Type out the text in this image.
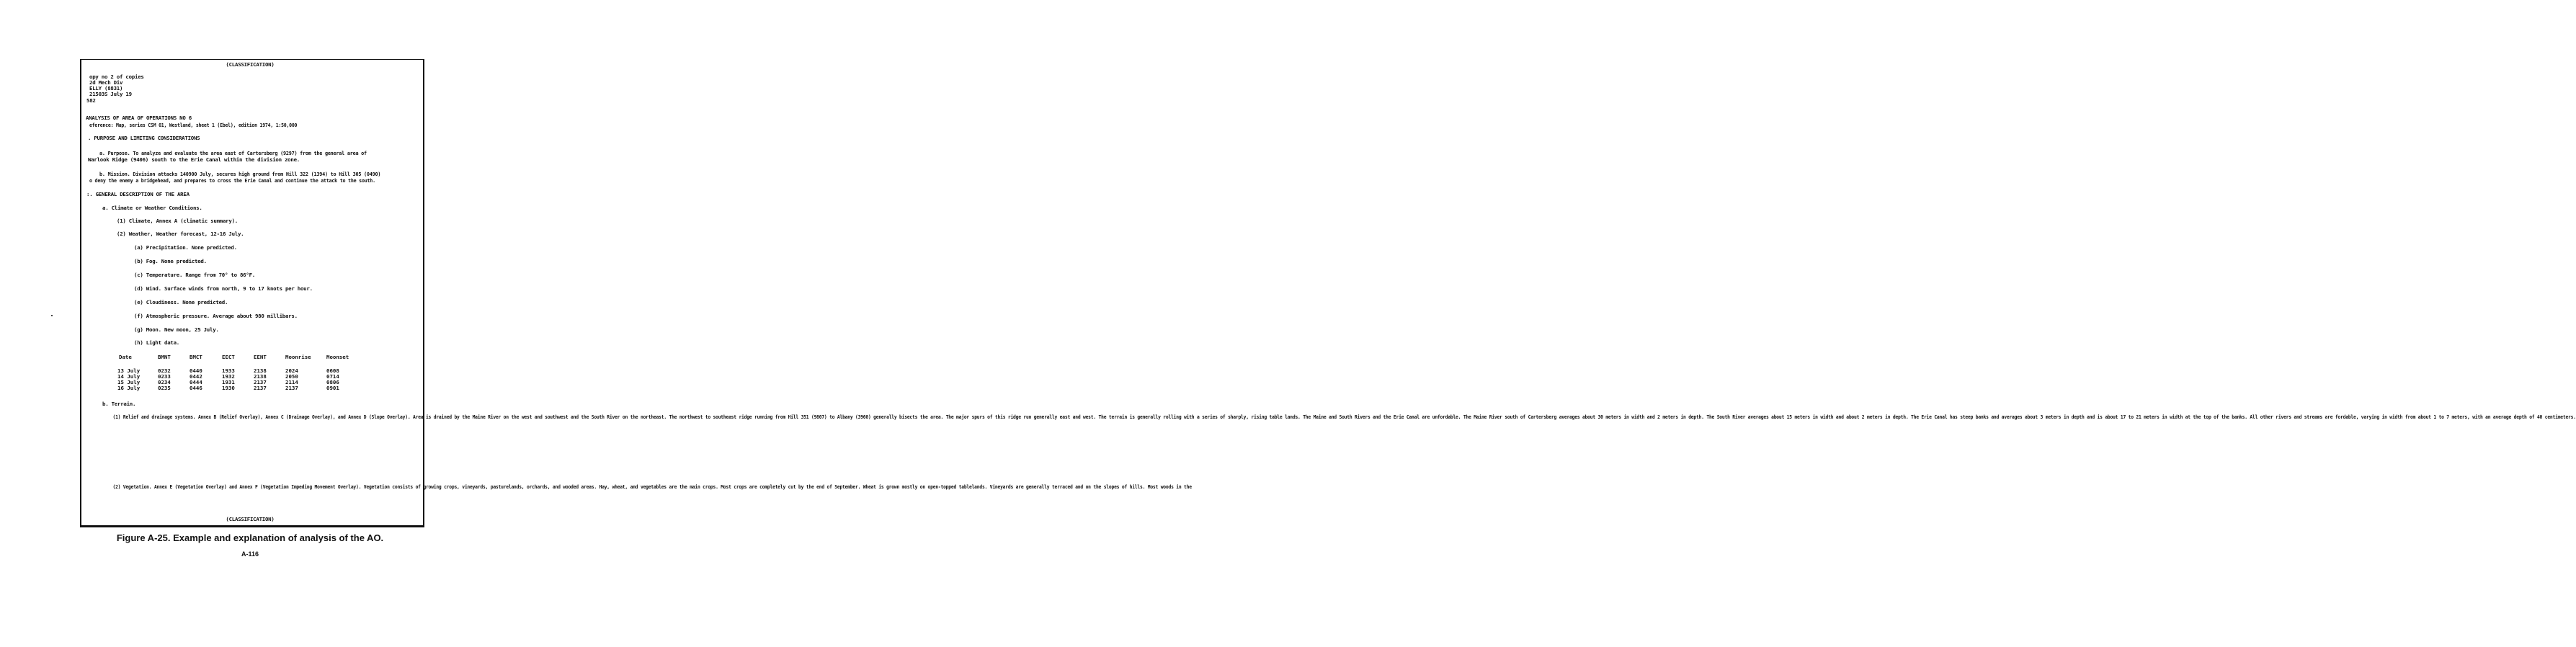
(CLASSIFICATION)
opy no 2 of copies
2d Mech Div
ELLY (8831)
21503S July 19
582
ANALYSIS OF AREA OF OPERATIONS NO 6
eference: Map, series CSM 01, Westland, sheet 1 (Ebel), edition 1974, 1:50,000
. PURPOSE AND LIMITING CONSIDERATIONS
a. Purpose. To analyze and evaluate the area east of Cartersberg (9297) from the general area of
Warlook Ridge (9406) south to the Erie Canal within the division zone.
b. Mission. Division attacks 140900 July, secures high ground from Hill 322 (1394) to Hill 305 (0490)
o deny the enemy a bridgehead, and prepares to cross the Erie Canal and continue the attack to the south.
:. GENERAL DESCRIPTION OF THE AREA
a. Climate or Weather Conditions.
(1) Climate, Annex A (climatic summary).
(2) Weather, Weather forecast, 12-16 July.
(a) Precipitation. None predicted.
(b) Fog. None predicted.
(c) Temperature. Range from 70° to 86°F.
(d) Wind. Surface winds from north, 9 to 17 knots per hour.
(e) Cloudiness. None predicted.
(f) Atmospheric pressure. Average about 980 millibars.
(g) Moon. New moon, 25 July.
(h) Light data.
Date	BMNT	BMCT	EECT	EENT	Moonrise	Moonset
13 July	0232	0440	1933	2138	2024	0608
14 July	0233	0442	1932	2138	2050	0714
15 July	0234	0444	1931	2137	2114	0806
16 July	0235	0446	1930	2137	2137	0901
b. Terrain.
(1) Relief and drainage systems. Annex B (Relief Overlay), Annex C (Drainage Overlay), and Annex D (Slope Overlay). Area is drained by the Maine River on the west and southwest and the South River on the northeast. The northwest to southeast ridge running from Hill 351 (9807) to Albany (3960) generally bisects the area. The major spurs of this ridge run generally east and west. The terrain is generally rolling with a series of sharply, rising table lands. The Maine and South Rivers and the Erie Canal are unfordable. The Maine River south of Cartersberg averages about 30 meters in width and 2 meters in depth. The South River averages about 15 meters in width and about 2 meters in depth. The Erie Canal has steep banks and averages about 3 meters in depth and is about 17 to 21 meters in width at the top of the banks. All other rivers and streams are fordable, varying in width from about 1 to 7 meters, with an average depth of 40 centimeters.
(2) Vegetation. Annex E (Vegetation Overlay) and Annex F (Vegetation Impeding Movement Overlay). Vegetation consists of growing crops, vineyards, pasturelands, orchards, and wooded areas. Hay, wheat, and vegetables are the main crops. Most crops are completely cut by the end of September. Wheat is grown mostly on open-topped tablelands. Vineyards are generally terraced and on the slopes of hills. Most woods in the
(CLASSIFICATION)
Figure A-25. Example and explanation of analysis of the AO.
A-116
